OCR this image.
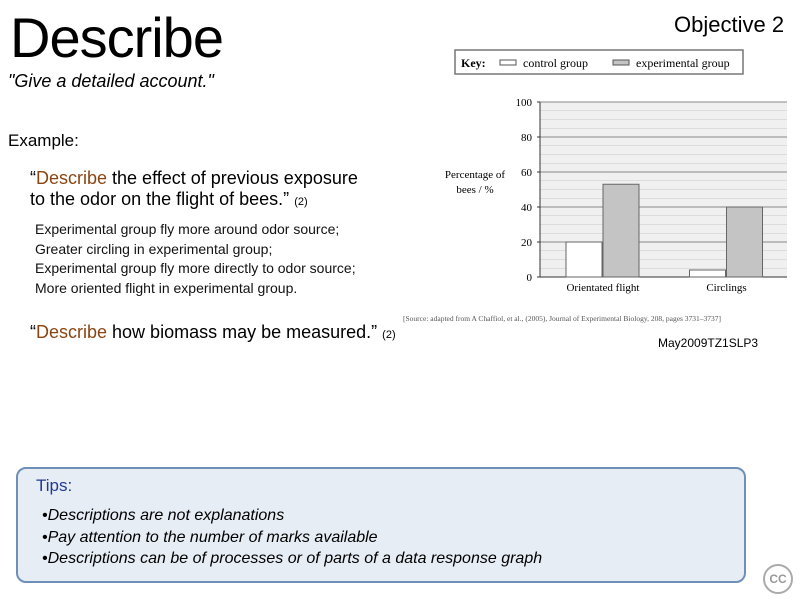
Describe	Objective 2
"Give a detailed account."
Example:
“Describe the effect of previous exposure
to the odor on the flight of bees.” (2)
Experimental group fly more around odor source;
Greater circling in experimental group;
Experimental group fly more directly to odor source;
More oriented flight in experimental group.
“Describe how biomass may be measured.” (2)
May2009TZ1SLP3
Key:	control group	experimental group
0
20
40
60
80
100
Percentage of
bees / %
Orientated flight	Circlings
[Source: adapted from A Chaffiol, et al., (2005), Journal of Experimental Biology, 208, pages 3731–3737]
Tips:
•Descriptions are not explanations
•Pay attention to the number of marks available
•Descriptions can be of processes or of parts of a data response graph
CC
